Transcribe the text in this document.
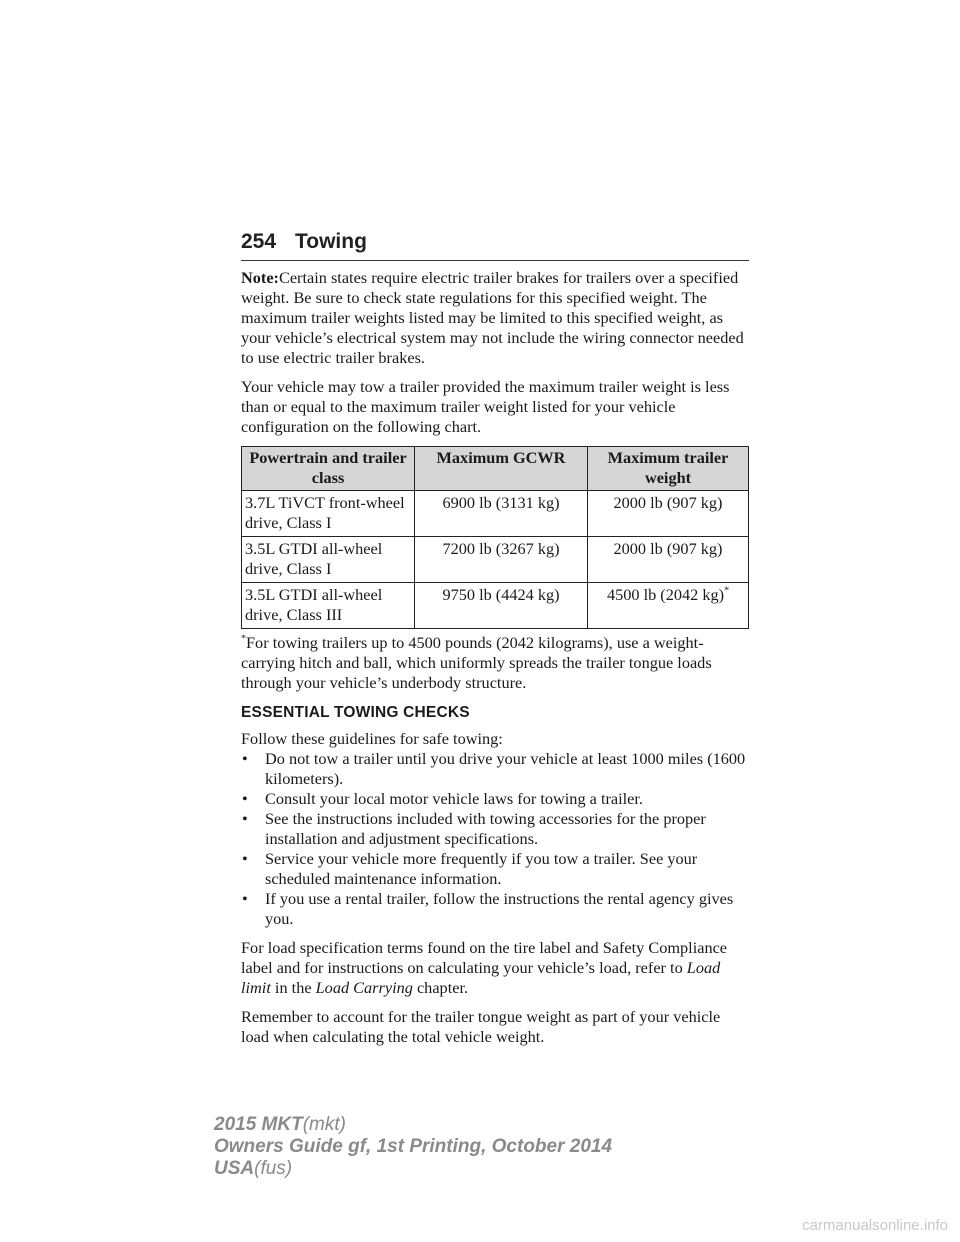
254 Towing

Note:Certain states require electric trailer brakes for trailers over a specified weight. Be sure to check state regulations for this specified weight. The maximum trailer weights listed may be limited to this specified weight, as your vehicle’s electrical system may not include the wiring connector needed to use electric trailer brakes.

Your vehicle may tow a trailer provided the maximum trailer weight is less than or equal to the maximum trailer weight listed for your vehicle configuration on the following chart.

Powertrain and trailer class	Maximum GCWR	Maximum trailer weight
3.7L TiVCT front-wheel drive, Class I	6900 lb (3131 kg)	2000 lb (907 kg)
3.5L GTDI all-wheel drive, Class I	7200 lb (3267 kg)	2000 lb (907 kg)
3.5L GTDI all-wheel drive, Class III	9750 lb (4424 kg)	4500 lb (2042 kg)*

*For towing trailers up to 4500 pounds (2042 kilograms), use a weight-carrying hitch and ball, which uniformly spreads the trailer tongue loads through your vehicle’s underbody structure.

ESSENTIAL TOWING CHECKS

Follow these guidelines for safe towing:

• Do not tow a trailer until you drive your vehicle at least 1000 miles (1600 kilometers).
• Consult your local motor vehicle laws for towing a trailer.
• See the instructions included with towing accessories for the proper installation and adjustment specifications.
• Service your vehicle more frequently if you tow a trailer. See your scheduled maintenance information.
• If you use a rental trailer, follow the instructions the rental agency gives you.

For load specification terms found on the tire label and Safety Compliance label and for instructions on calculating your vehicle’s load, refer to Load limit in the Load Carrying chapter.

Remember to account for the trailer tongue weight as part of your vehicle load when calculating the total vehicle weight.

2015 MKT(mkt)
Owners Guide gf, 1st Printing, October 2014
USA(fus)
carmanualsonline.info
